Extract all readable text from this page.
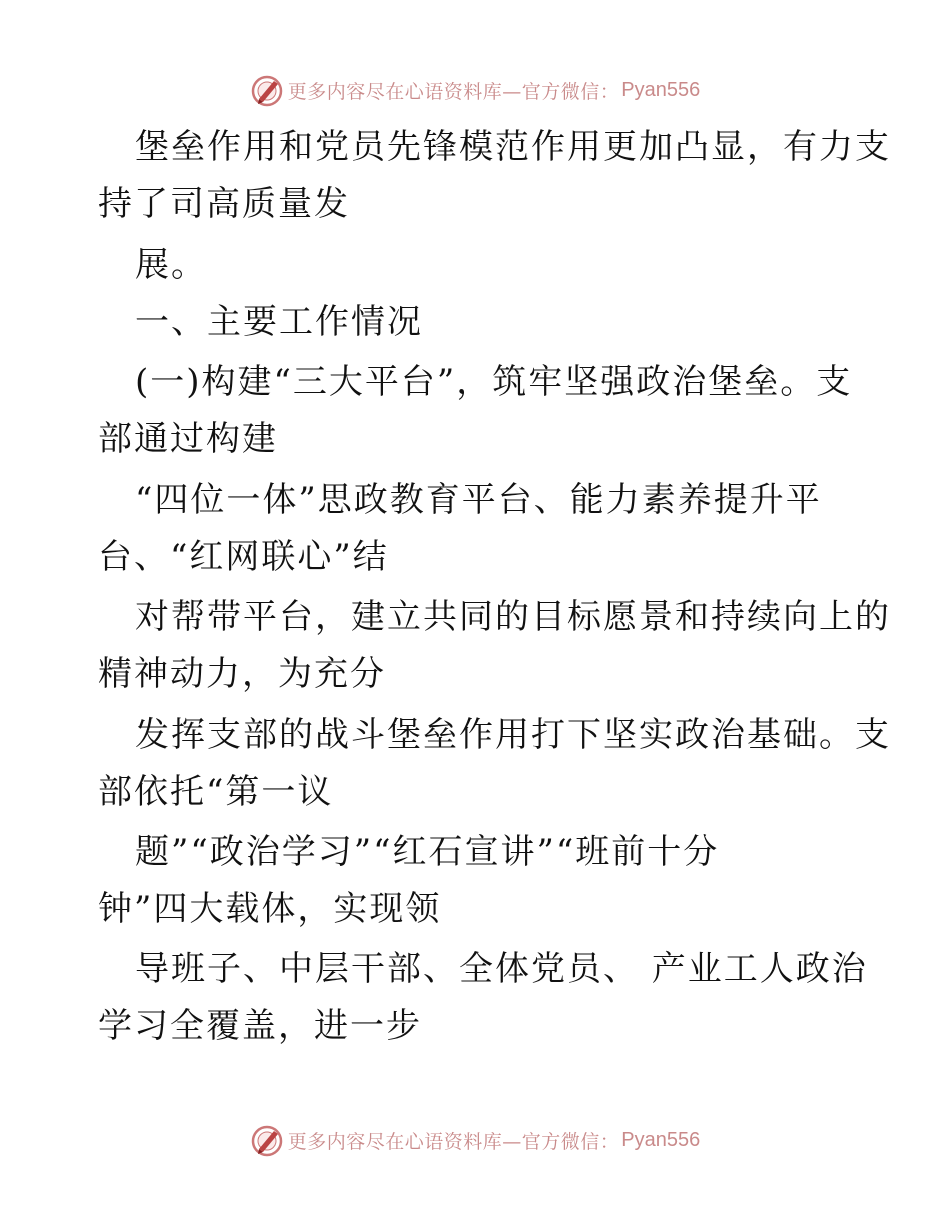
更多内容尽在心语资料库—官方微信： Pyan556
堡垒作用和党员先锋模范作用更加凸显，有力支
持了司高质量发
展。
一、主要工作情况
(一)构建“三大平台”，筑牢坚强政治堡垒。支
部通过构建
“四位一体”思政教育平台、能力素养提升平
台、“红网联心”结
对帮带平台，建立共同的目标愿景和持续向上的
精神动力，为充分
发挥支部的战斗堡垒作用打下坚实政治基础。支
部依托“第一议
题”“政治学习”“红石宣讲”“班前十分
钟”四大载体，实现领
导班子、中层干部、全体党员、 产业工人政治
学习全覆盖，进一步
更多内容尽在心语资料库—官方微信： Pyan556
